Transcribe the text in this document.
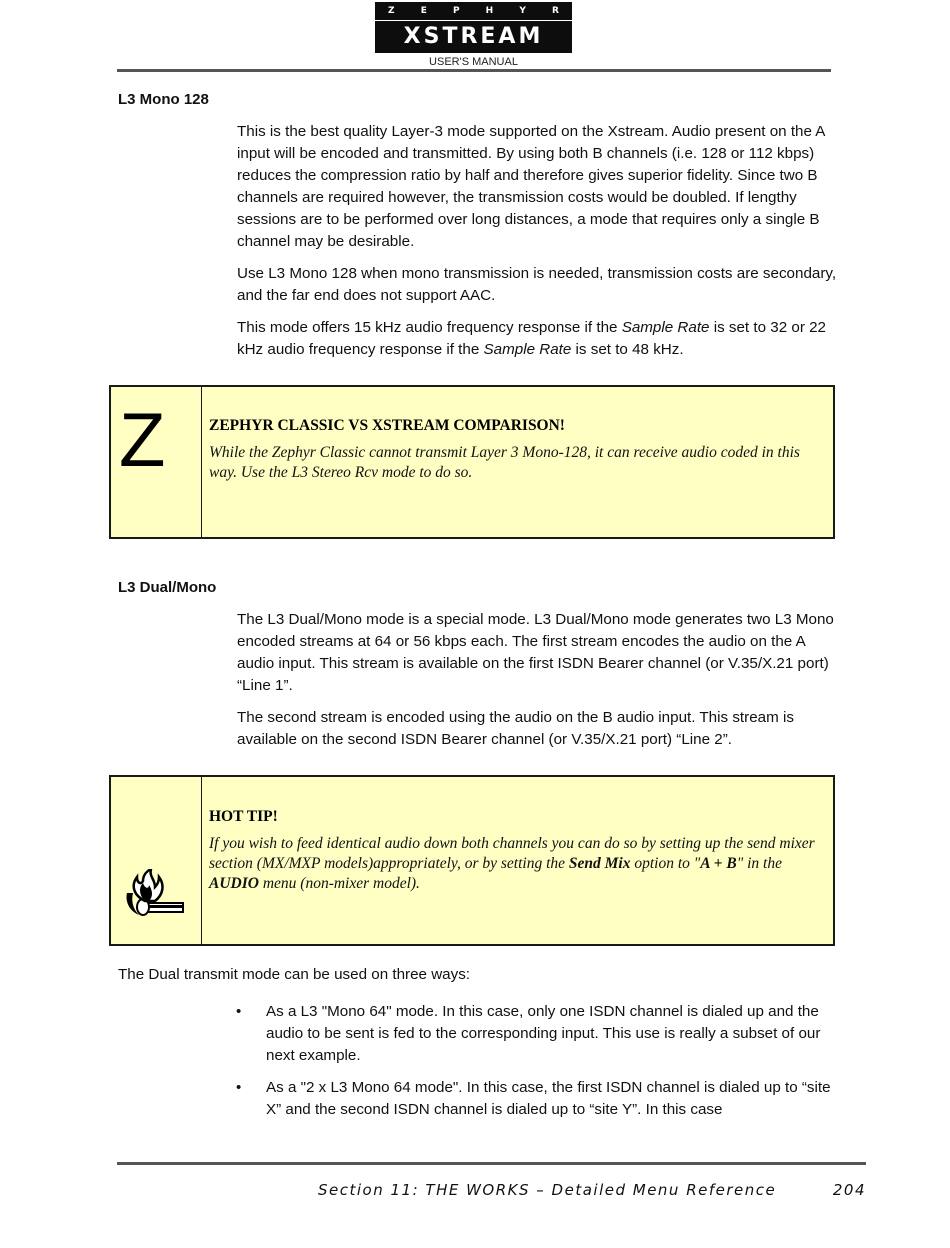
Z	E	P	H	Y	R
XSTREAM
USER'S MANUAL
L3 Mono 128

This is the best quality Layer-3 mode supported on the Xstream. Audio present on the A input will be encoded and transmitted. By using both B channels (i.e. 128 or 112 kbps) reduces the compression ratio by half and therefore gives superior fidelity. Since two B channels are required however, the transmission costs would be doubled. If lengthy sessions are to be performed over long distances, a mode that requires only a single B channel may be desirable.

Use L3 Mono 128 when mono transmission is needed, transmission costs are secondary, and the far end does not support AAC.

This mode offers 15 kHz audio frequency response if the Sample Rate is set to 32 or 22 kHz audio frequency response if the Sample Rate is set to 48 kHz.

Z	ZEPHYR CLASSIC VS XSTREAM COMPARISON!

While the Zephyr Classic cannot transmit Layer 3 Mono-128, it can receive audio coded in this way. Use the L3 Stereo Rcv mode to do so.

L3 Dual/Mono

The L3 Dual/Mono mode is a special mode. L3 Dual/Mono mode generates two L3 Mono encoded streams at 64 or 56 kbps each. The first stream encodes the audio on the A audio input. This stream is available on the first ISDN Bearer channel (or V.35/X.21 port) “Line 1”.

The second stream is encoded using the audio on the B audio input. This stream is available on the second ISDN Bearer channel (or V.35/X.21 port) “Line 2”.

HOT TIP!

If you wish to feed identical audio down both channels you can do so by setting up the send mixer section (MX/MXP models)appropriately, or by setting the Send Mix option to "A + B" in the AUDIO menu (non-mixer model).

The Dual transmit mode can be used on three ways:

• As a L3 "Mono 64" mode. In this case, only one ISDN channel is dialed up and the audio to be sent is fed to the corresponding input. This use is really a subset of our next example.

• As a "2 x L3 Mono 64 mode". In this case, the first ISDN channel is dialed up to “site X” and the second ISDN channel is dialed up to “site Y”. In this case

Section 11: THE WORKS – Detailed Menu Reference	204
